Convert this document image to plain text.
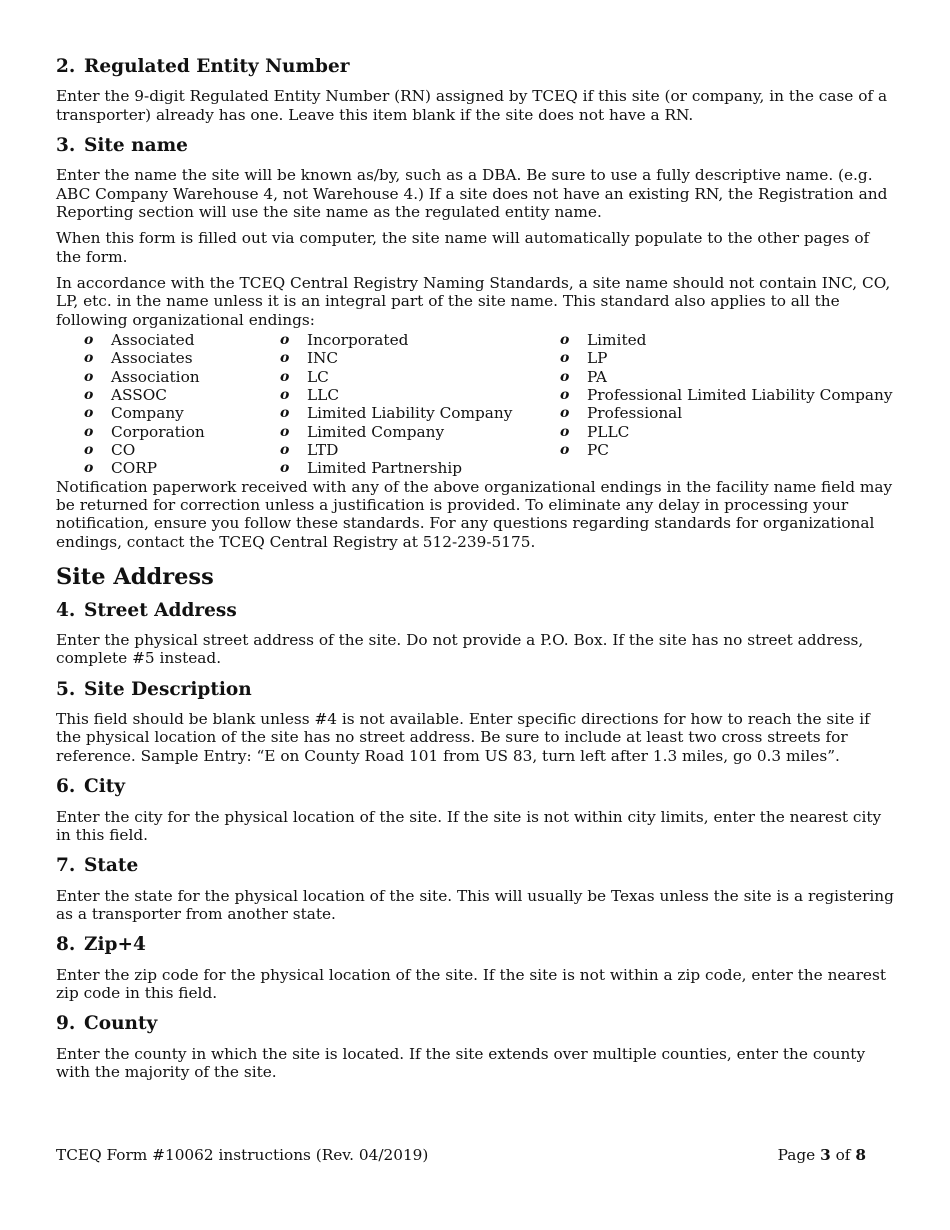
2. Regulated Entity Number

Enter the 9-digit Regulated Entity Number (RN) assigned by TCEQ if this site (or company, in the case of a transporter) already has one. Leave this item blank if the site does not have a RN.

3. Site name

Enter the name the site will be known as/by, such as a DBA. Be sure to use a fully descriptive name. (e.g. ABC Company Warehouse 4, not Warehouse 4.) If a site does not have an existing RN, the Registration and Reporting section will use the site name as the regulated entity name.

When this form is filled out via computer, the site name will automatically populate to the other pages of the form.

In accordance with the TCEQ Central Registry Naming Standards, a site name should not contain INC, CO, LP, etc. in the name unless it is an integral part of the site name. This standard also applies to all the following organizational endings:

o Associated
o Associates
o Association
o ASSOC
o Company
o Corporation
o CO
o CORP
o Incorporated
o INC
o LC
o LLC
o Limited Liability Company
o Limited Company
o LTD
o Limited Partnership
o Limited
o LP
o PA
o Professional Limited Liability Company
o Professional
o PLLC
o PC

Notification paperwork received with any of the above organizational endings in the facility name field may be returned for correction unless a justification is provided. To eliminate any delay in processing your notification, ensure you follow these standards. For any questions regarding standards for organizational endings, contact the TCEQ Central Registry at 512-239-5175.

Site Address
4. Street Address

Enter the physical street address of the site. Do not provide a P.O. Box. If the site has no street address, complete #5 instead.

5. Site Description

This field should be blank unless #4 is not available. Enter specific directions for how to reach the site if the physical location of the site has no street address. Be sure to include at least two cross streets for reference. Sample Entry: “E on County Road 101 from US 83, turn left after 1.3 miles, go 0.3 miles”.

6. City

Enter the city for the physical location of the site. If the site is not within city limits, enter the nearest city in this field.

7. State

Enter the state for the physical location of the site. This will usually be Texas unless the site is a registering as a transporter from another state.

8. Zip+4

Enter the zip code for the physical location of the site. If the site is not within a zip code, enter the nearest zip code in this field.

9. County

Enter the county in which the site is located. If the site extends over multiple counties, enter the county with the majority of the site.

TCEQ Form #10062 instructions (Rev. 04/2019)	Page 3 of 8
